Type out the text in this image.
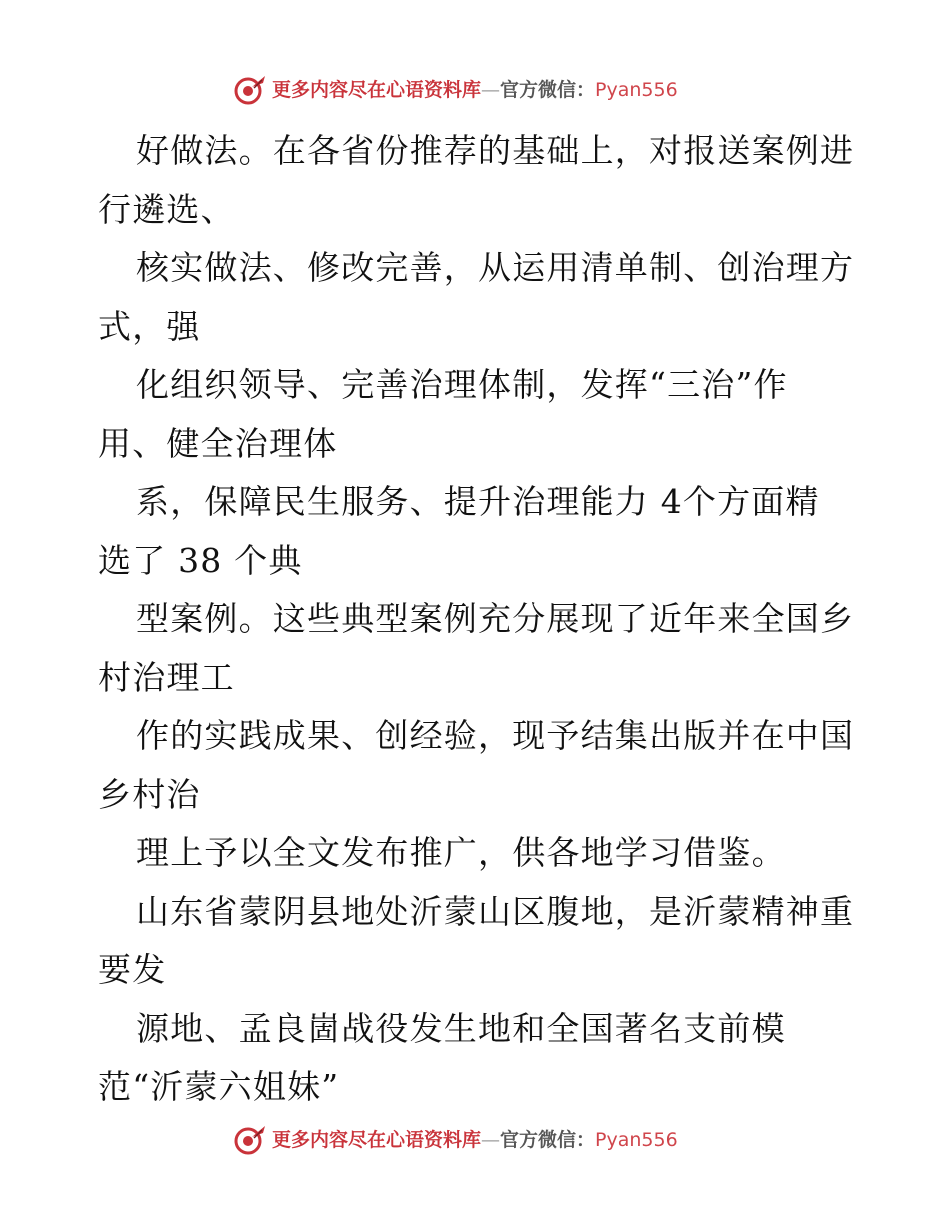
更多内容尽在心语资料库—官方微信：Pyan556

好做法。在各省份推荐的基础上，对报送案例进
行遴选、

核实做法、修改完善，从运用清单制、创治理方
式，强

化组织领导、完善治理体制，发挥“三治”作
用、健全治理体

系，保障民生服务、提升治理能力 4个方面精
选了 38 个典

型案例。这些典型案例充分展现了近年来全国乡
村治理工

作的实践成果、创经验，现予结集出版并在中国
乡村治

理上予以全文发布推广，供各地学习借鉴。

山东省蒙阴县地处沂蒙山区腹地，是沂蒙精神重
要发

源地、孟良崮战役发生地和全国著名支前模
范“沂蒙六姐妹”

更多内容尽在心语资料库—官方微信：Pyan556
